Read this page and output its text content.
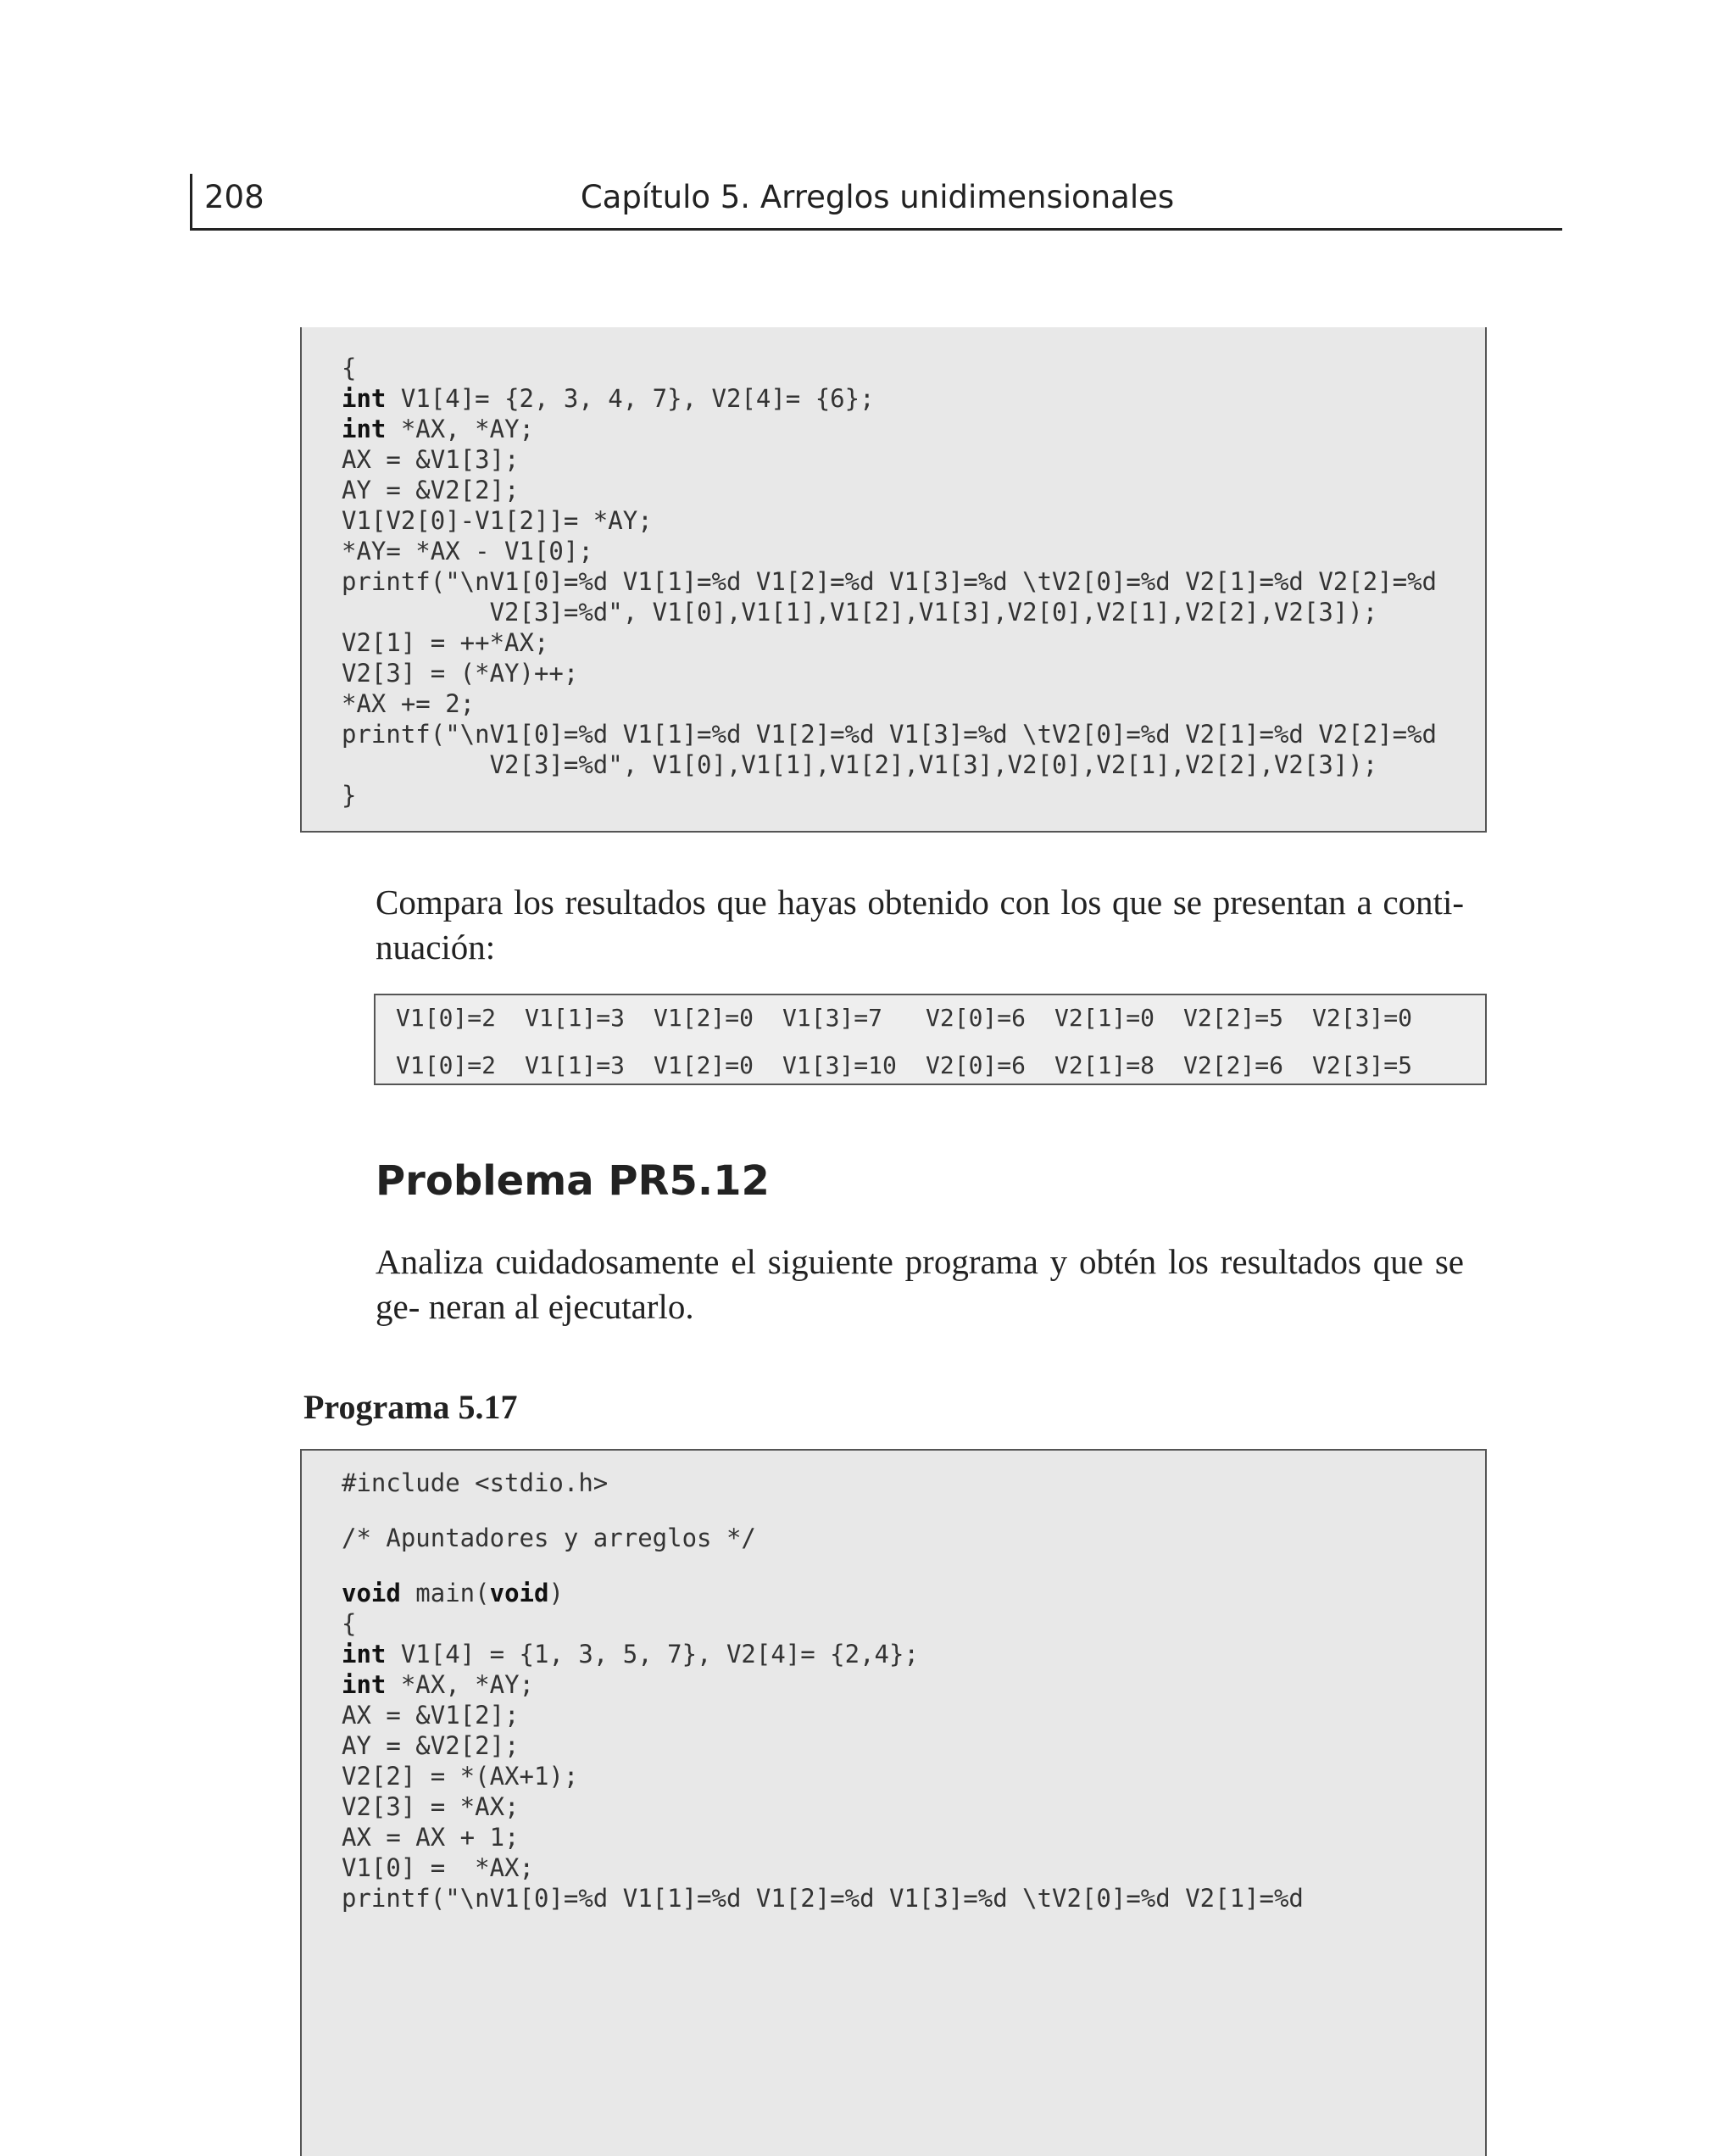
208	Capítulo 5. Arreglos unidimensionales
{
int V1[4]= {2, 3, 4, 7}, V2[4]= {6};
int *AX, *AY;
AX = &V1[3];
AY = &V2[2];
V1[V2[0]-V1[2]]= *AY;
*AY= *AX - V1[0];
printf("\nV1[0]=%d V1[1]=%d V1[2]=%d V1[3]=%d \tV2[0]=%d V2[1]=%d V2[2]=%d
V2[3]=%d", V1[0],V1[1],V1[2],V1[3],V2[0],V2[1],V2[2],V2[3]);
V2[1] = ++*AX;
V2[3] = (*AY)++;
*AX += 2;
printf("\nV1[0]=%d V1[1]=%d V1[2]=%d V1[3]=%d \tV2[0]=%d V2[1]=%d V2[2]=%d
V2[3]=%d", V1[0],V1[1],V1[2],V1[3],V2[0],V2[1],V2[2],V2[3]);
}
Compara los resultados que hayas obtenido con los que se presentan a conti- nuación:
V1[0]=2 V1[1]=3 V1[2]=0 V1[3]=7 V2[0]=6 V2[1]=0 V2[2]=5 V2[3]=0
V1[0]=2 V1[1]=3 V1[2]=0 V1[3]=10 V2[0]=6 V2[1]=8 V2[2]=6 V2[3]=5
Problema PR5.12
Analiza cuidadosamente el siguiente programa y obtén los resultados que se ge- neran al ejecutarlo.
Programa 5.17
#include <stdio.h>
/* Apuntadores y arreglos */
void main(void)
{
int V1[4] = {1, 3, 5, 7}, V2[4]= {2,4};
int *AX, *AY;
AX = &V1[2];
AY = &V2[2];
V2[2] = *(AX+1);
V2[3] = *AX;
AX = AX + 1;
V1[0] =  *AX;
printf("\nV1[0]=%d V1[1]=%d V1[2]=%d V1[3]=%d \tV2[0]=%d V2[1]=%d
